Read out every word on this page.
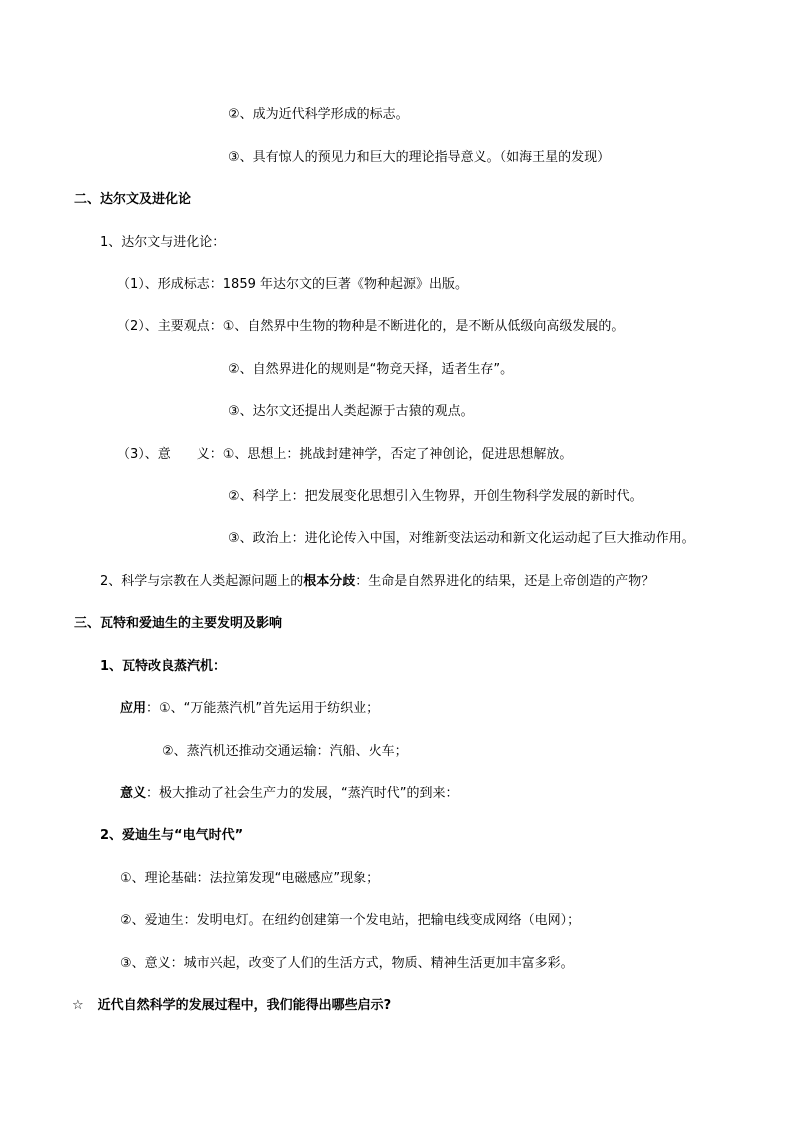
②、成为近代科学形成的标志。
③、具有惊人的预见力和巨大的理论指导意义。（如海王星的发现）
二、达尔文及进化论
1、达尔文与进化论：
（1）、形成标志：1859 年达尔文的巨著《物种起源》出版。
（2）、主要观点：①、自然界中生物的物种是不断进化的，是不断从低级向高级发展的。
②、自然界进化的规则是“物竞天择，适者生存”。
③、达尔文还提出人类起源于古猿的观点。
（3）、意　　义：①、思想上：挑战封建神学，否定了神创论，促进思想解放。
②、科学上：把发展变化思想引入生物界，开创生物科学发展的新时代。
③、政治上：进化论传入中国，对维新变法运动和新文化运动起了巨大推动作用。
2、科学与宗教在人类起源问题上的根本分歧：生命是自然界进化的结果，还是上帝创造的产物？
三、瓦特和爱迪生的主要发明及影响
1、瓦特改良蒸汽机：
应用：①、“万能蒸汽机”首先运用于纺织业；
②、蒸汽机还推动交通运输：汽船、火车；
意义：极大推动了社会生产力的发展，“蒸汽时代”的到来：
2、爱迪生与“电气时代”
①、理论基础：法拉第发现“电磁感应”现象；
②、爱迪生：发明电灯。在纽约创建第一个发电站，把输电线变成网络（电网）；
③、意义：城市兴起，改变了人们的生活方式，物质、精神生活更加丰富多彩。
☆ 近代自然科学的发展过程中，我们能得出哪些启示?
